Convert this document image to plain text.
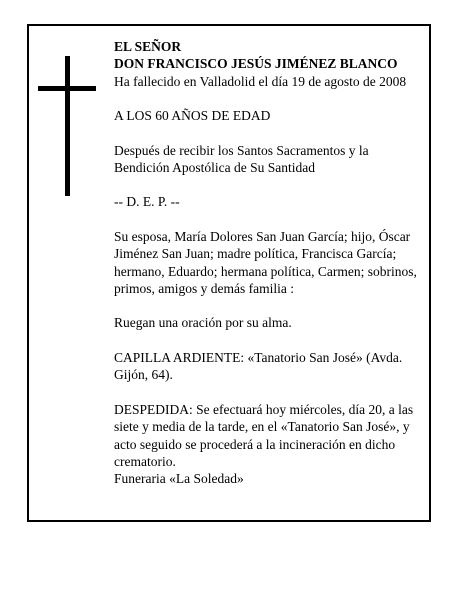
EL SEÑOR

DON FRANCISCO JESÚS JIMÉNEZ BLANCO

Ha fallecido en Valladolid el día 19 de agosto de 2008

A LOS 60 AÑOS DE EDAD

Después de recibir los Santos Sacramentos y la
Bendición Apostólica de Su Santidad

-- D. E. P. --

Su esposa, María Dolores San Juan García; hijo, Óscar
Jiménez San Juan; madre política, Francisca García;
hermano, Eduardo; hermana política, Carmen; sobrinos,
primos, amigos y demás familia :

Ruegan una oración por su alma.

CAPILLA ARDIENTE: «Tanatorio San José» (Avda.
Gijón, 64).

DESPEDIDA: Se efectuará hoy miércoles, día 20, a las
siete y media de la tarde, en el «Tanatorio San José», y
acto seguido se procederá a la incineración en dicho
crematorio.

Funeraria «La Soledad»
